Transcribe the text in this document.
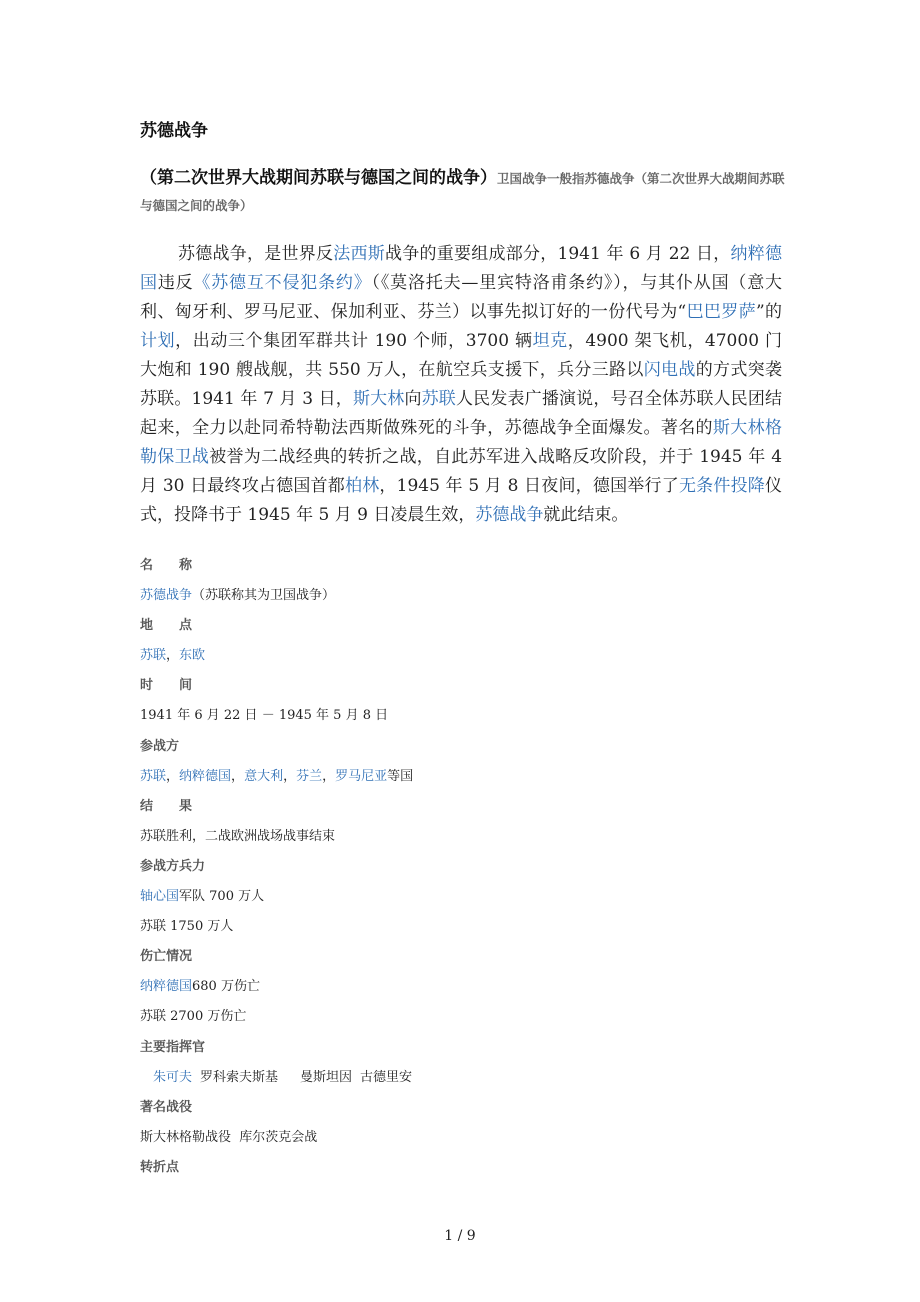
苏德战争

（第二次世界大战期间苏联与德国之间的战争）卫国战争一般指苏德战争（第二次世界大战期间苏联与德国之间的战争）

苏德战争，是世界反法西斯战争的重要组成部分，1941 年 6 月 22 日，纳粹德国违反《苏德互不侵犯条约》（《莫洛托夫—里宾特洛甫条约》），与其仆从国（意大利、匈牙利、罗马尼亚、保加利亚、芬兰）以事先拟订好的一份代号为“巴巴罗萨”的计划，出动三个集团军群共计 190 个师，3700 辆坦克，4900 架飞机，47000 门大炮和 190 艘战舰，共 550 万人，在航空兵支援下，兵分三路以闪电战的方式突袭苏联。1941 年 7 月 3 日，斯大林向苏联人民发表广播演说，号召全体苏联人民团结起来，全力以赴同希特勒法西斯做殊死的斗争，苏德战争全面爆发。著名的斯大林格勒保卫战被誉为二战经典的转折之战，自此苏军进入战略反攻阶段，并于 1945 年 4 月 30 日最终攻占德国首都柏林，1945 年 5 月 8 日夜间，德国举行了无条件投降仪式，投降书于 1945 年 5 月 9 日凌晨生效，苏德战争就此结束。

名　　称
苏德战争（苏联称其为卫国战争）
地　　点
苏联，东欧
时　　间
1941 年 6 月 22 日 － 1945 年 5 月 8 日
参战方
苏联，纳粹德国，意大利，芬兰，罗马尼亚等国
结　　果
苏联胜利，二战欧洲战场战事结束
参战方兵力
轴心国军队 700 万人
苏联 1750 万人
伤亡情况
纳粹德国680 万伤亡
苏联 2700 万伤亡
主要指挥官
朱可夫 罗科索夫斯基 曼斯坦因 古德里安
著名战役
斯大林格勒战役  库尔茨克会战
转折点
1 / 9
